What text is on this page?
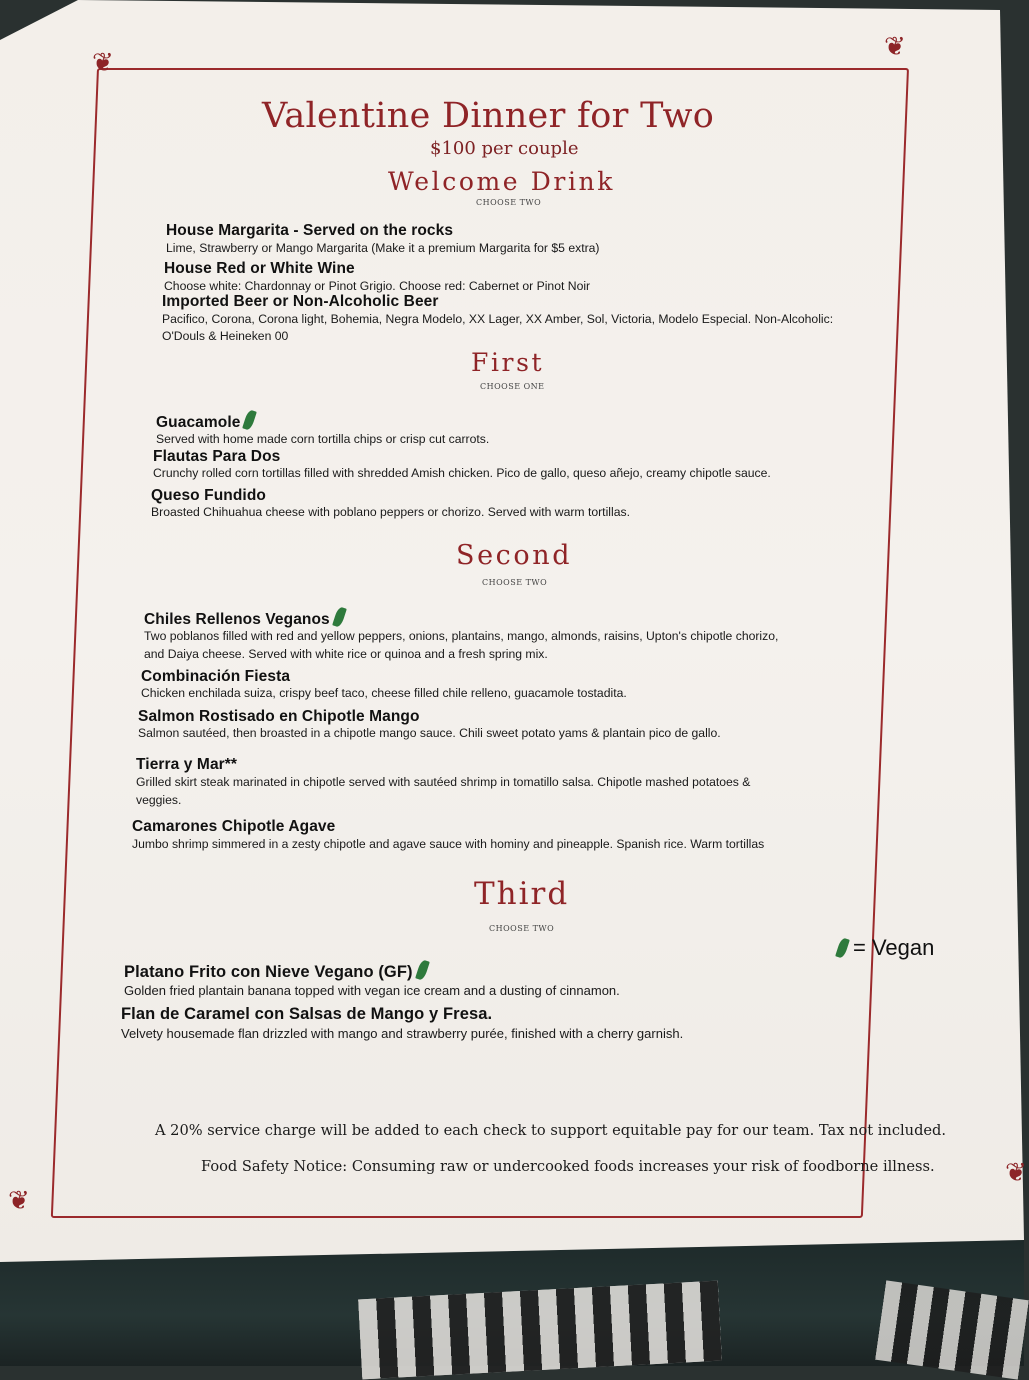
❦
❦
❦
❦
Valentine Dinner for Two
$100 per couple
Welcome Drink
CHOOSE TWO
House Margarita - Served on the rocks
Lime, Strawberry or Mango Margarita (Make it a premium Margarita for $5 extra)
House Red or White Wine
Choose white: Chardonnay or Pinot Grigio. Choose red: Cabernet or Pinot Noir
Imported Beer or Non-Alcoholic Beer
Pacifico, Corona, Corona light, Bohemia, Negra Modelo, XX Lager, XX Amber, Sol, Victoria, Modelo Especial. Non-Alcoholic:
O'Douls & Heineken 00
First
CHOOSE ONE
Guacamole
Served with home made corn tortilla chips or crisp cut carrots.
Flautas Para Dos
Crunchy rolled corn tortillas filled with shredded Amish chicken. Pico de gallo, queso añejo, creamy chipotle sauce.
Queso Fundido
Broasted Chihuahua cheese with poblano peppers or chorizo. Served with warm tortillas.
Second
CHOOSE TWO
Chiles Rellenos Veganos
Two poblanos filled with red and yellow peppers, onions, plantains, mango, almonds, raisins, Upton's chipotle chorizo,
and Daiya cheese. Served with white rice or quinoa and a fresh spring mix.
Combinación Fiesta
Chicken enchilada suiza, crispy beef taco, cheese filled chile relleno, guacamole tostadita.
Salmon Rostisado en Chipotle Mango
Salmon sautéed, then broasted in a chipotle mango sauce. Chili sweet potato yams & plantain pico de gallo.
Tierra y Mar**
Grilled skirt steak marinated in chipotle served with sautéed shrimp in tomatillo salsa. Chipotle mashed potatoes &
veggies.
Camarones Chipotle Agave
Jumbo shrimp simmered in a zesty chipotle and agave sauce with hominy and pineapple. Spanish rice. Warm tortillas
Third
CHOOSE TWO
= Vegan
Platano Frito con Nieve Vegano (GF)
Golden fried plantain banana topped with vegan ice cream and a dusting of cinnamon.
Flan de Caramel con Salsas de Mango y Fresa.
Velvety housemade flan drizzled with mango and strawberry purée, finished with a cherry garnish.
A 20% service charge will be added to each check to support equitable pay for our team. Tax not included.
Food Safety Notice: Consuming raw or undercooked foods increases your risk of foodborne illness.
